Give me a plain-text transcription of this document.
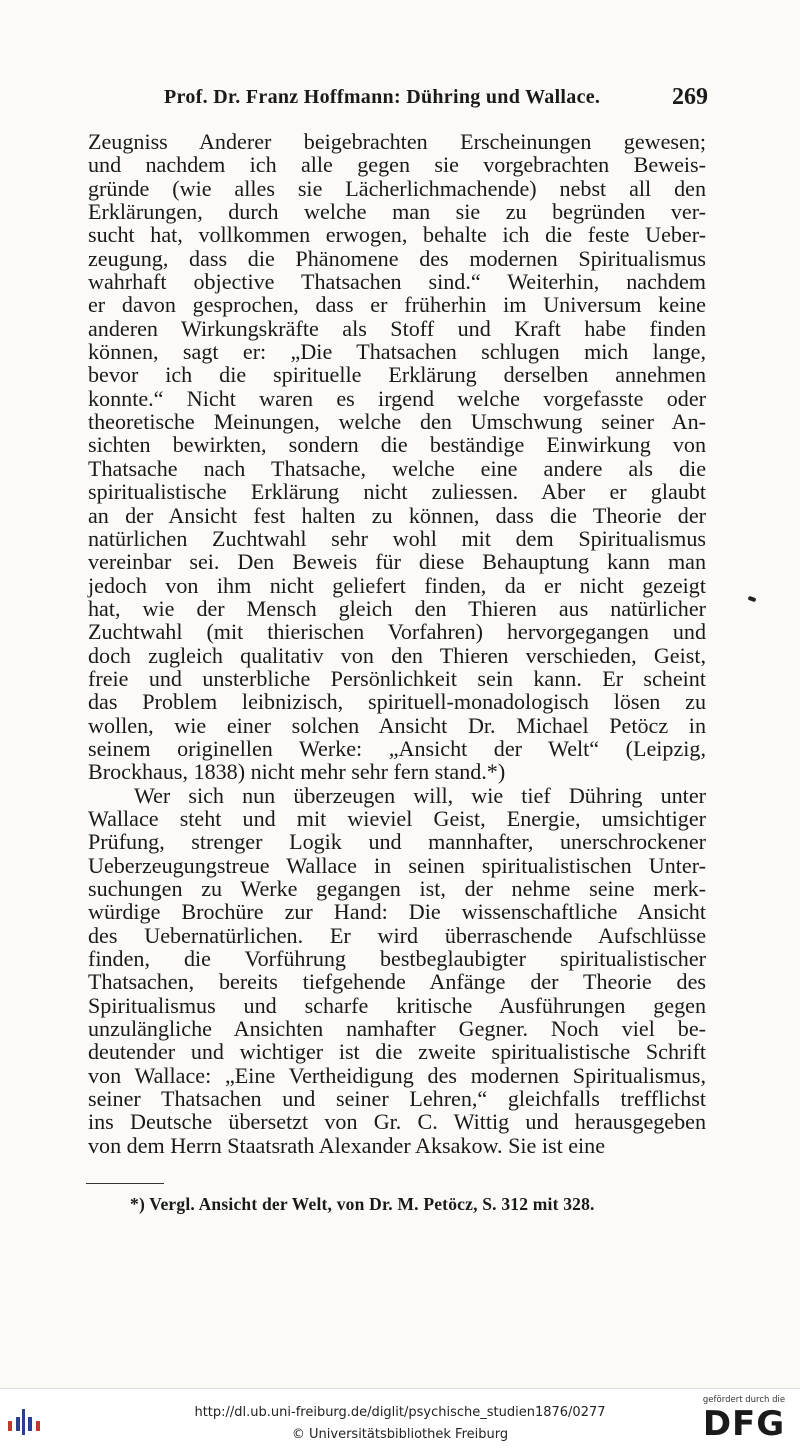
Prof. Dr. Franz Hoffmann: Dühring und Wallace.	269
Zeugniss Anderer beigebrachten Erscheinungen gewesen;
und nachdem ich alle gegen sie vorgebrachten Beweis-
gründe (wie alles sie Lächerlichmachende) nebst all den
Erklärungen, durch welche man sie zu begründen ver-
sucht hat, vollkommen erwogen, behalte ich die feste Ueber-
zeugung, dass die Phänomene des modernen Spiritualismus
wahrhaft objective Thatsachen sind.“ Weiterhin, nachdem
er davon gesprochen, dass er früherhin im Universum keine
anderen Wirkungskräfte als Stoff und Kraft habe finden
können, sagt er: „Die Thatsachen schlugen mich lange,
bevor ich die spirituelle Erklärung derselben annehmen
konnte.“ Nicht waren es irgend welche vorgefasste oder
theoretische Meinungen, welche den Umschwung seiner An-
sichten bewirkten, sondern die beständige Einwirkung von
Thatsache nach Thatsache, welche eine andere als die
spiritualistische Erklärung nicht zuliessen. Aber er glaubt
an der Ansicht fest halten zu können, dass die Theorie der
natürlichen Zuchtwahl sehr wohl mit dem Spiritualismus
vereinbar sei. Den Beweis für diese Behauptung kann man
jedoch von ihm nicht geliefert finden, da er nicht gezeigt
hat, wie der Mensch gleich den Thieren aus natürlicher
Zuchtwahl (mit thierischen Vorfahren) hervorgegangen und
doch zugleich qualitativ von den Thieren verschieden, Geist,
freie und unsterbliche Persönlichkeit sein kann. Er scheint
das Problem leibnizisch, spirituell-monadologisch lösen zu
wollen, wie einer solchen Ansicht Dr. Michael Petöcz in
seinem originellen Werke: „Ansicht der Welt“ (Leipzig,
Brockhaus, 1838) nicht mehr sehr fern stand.*)
Wer sich nun überzeugen will, wie tief Dühring unter
Wallace steht und mit wieviel Geist, Energie, umsichtiger
Prüfung, strenger Logik und mannhafter, unerschrockener
Ueberzeugungstreue Wallace in seinen spiritualistischen Unter-
suchungen zu Werke gegangen ist, der nehme seine merk-
würdige Brochüre zur Hand: Die wissenschaftliche Ansicht
des Uebernatürlichen. Er wird überraschende Aufschlüsse
finden, die Vorführung bestbeglaubigter spiritualistischer
Thatsachen, bereits tiefgehende Anfänge der Theorie des
Spiritualismus und scharfe kritische Ausführungen gegen
unzulängliche Ansichten namhafter Gegner. Noch viel be-
deutender und wichtiger ist die zweite spiritualistische Schrift
von Wallace: „Eine Vertheidigung des modernen Spiritualismus,
seiner Thatsachen und seiner Lehren,“ gleichfalls trefflichst
ins Deutsche übersetzt von Gr. C. Wittig und herausgegeben
von dem Herrn Staatsrath Alexander Aksakow. Sie ist eine
*) Vergl. Ansicht der Welt, von Dr. M. Petöcz, S. 312 mit 328.
http://dl.ub.uni-freiburg.de/diglit/psychische_studien1876/0277
© Universitätsbibliothek Freiburg
gefördert durch die
DFG
